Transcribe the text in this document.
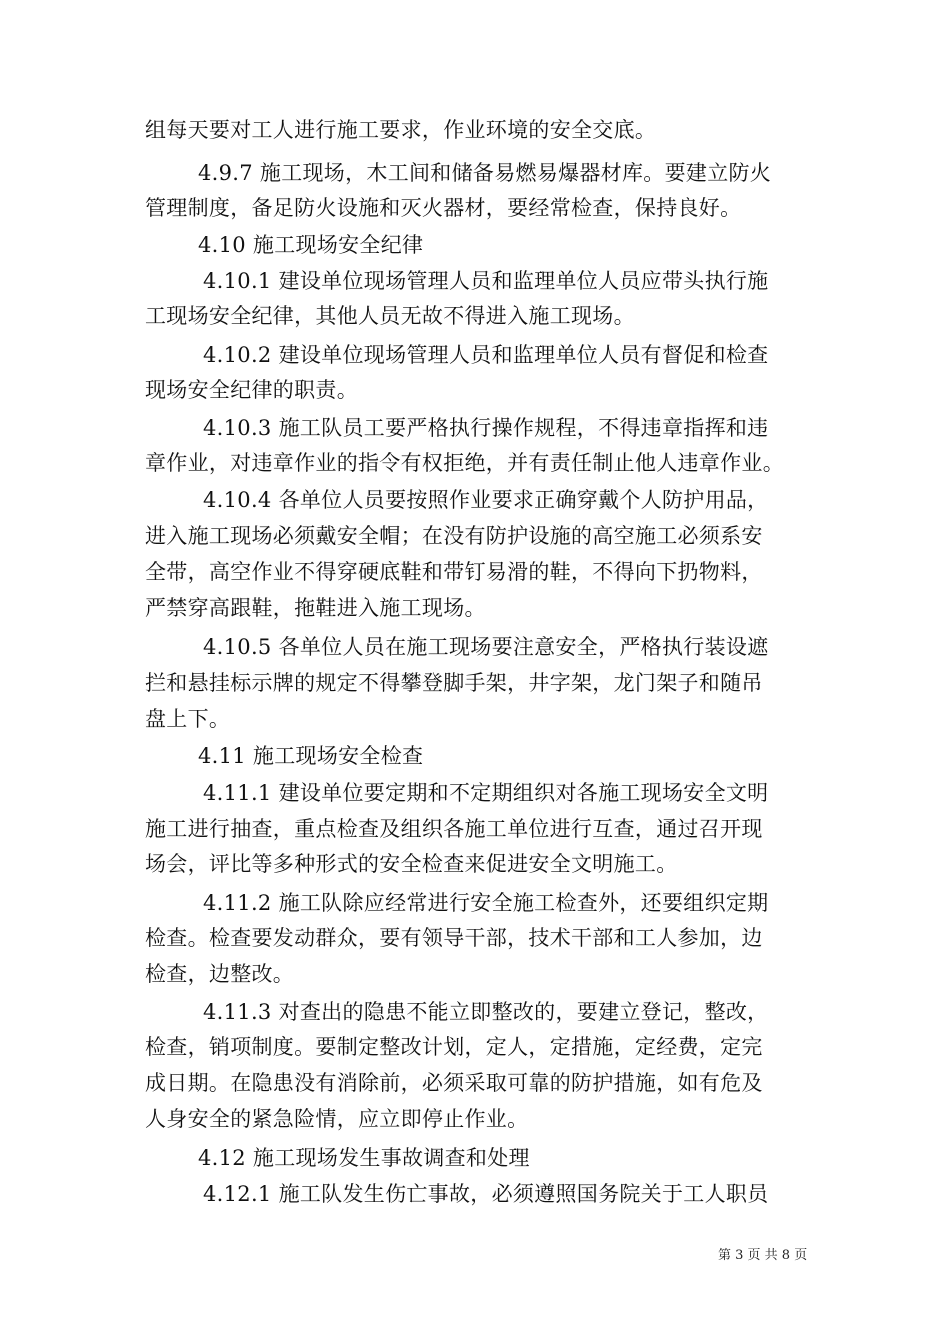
组每天要对工人进行施工要求，作业环境的安全交底。
4.9.7 施工现场，木工间和储备易燃易爆器材库。要建立防火
管理制度，备足防火设施和灭火器材，要经常检查，保持良好。
4.10 施工现场安全纪律
4.10.1 建设单位现场管理人员和监理单位人员应带头执行施
工现场安全纪律，其他人员无故不得进入施工现场。
4.10.2 建设单位现场管理人员和监理单位人员有督促和检查
现场安全纪律的职责。
4.10.3 施工队员工要严格执行操作规程，不得违章指挥和违
章作业，对违章作业的指令有权拒绝，并有责任制止他人违章作业。
4.10.4 各单位人员要按照作业要求正确穿戴个人防护用品，
进入施工现场必须戴安全帽；在没有防护设施的高空施工必须系安
全带，高空作业不得穿硬底鞋和带钉易滑的鞋，不得向下扔物料，
严禁穿高跟鞋，拖鞋进入施工现场。
4.10.5 各单位人员在施工现场要注意安全，严格执行装设遮
拦和悬挂标示牌的规定不得攀登脚手架，井字架，龙门架子和随吊
盘上下。
4.11 施工现场安全检查
4.11.1 建设单位要定期和不定期组织对各施工现场安全文明
施工进行抽查，重点检查及组织各施工单位进行互查，通过召开现
场会，评比等多种形式的安全检查来促进安全文明施工。
4.11.2 施工队除应经常进行安全施工检查外，还要组织定期
检查。检查要发动群众，要有领导干部，技术干部和工人参加，边
检查，边整改。
4.11.3 对查出的隐患不能立即整改的，要建立登记，整改，
检查，销项制度。要制定整改计划，定人，定措施，定经费，定完
成日期。在隐患没有消除前，必须采取可靠的防护措施，如有危及
人身安全的紧急险情，应立即停止作业。
4.12 施工现场发生事故调查和处理
4.12.1 施工队发生伤亡事故，必须遵照国务院关于工人职员
第 3 页 共 8 页
